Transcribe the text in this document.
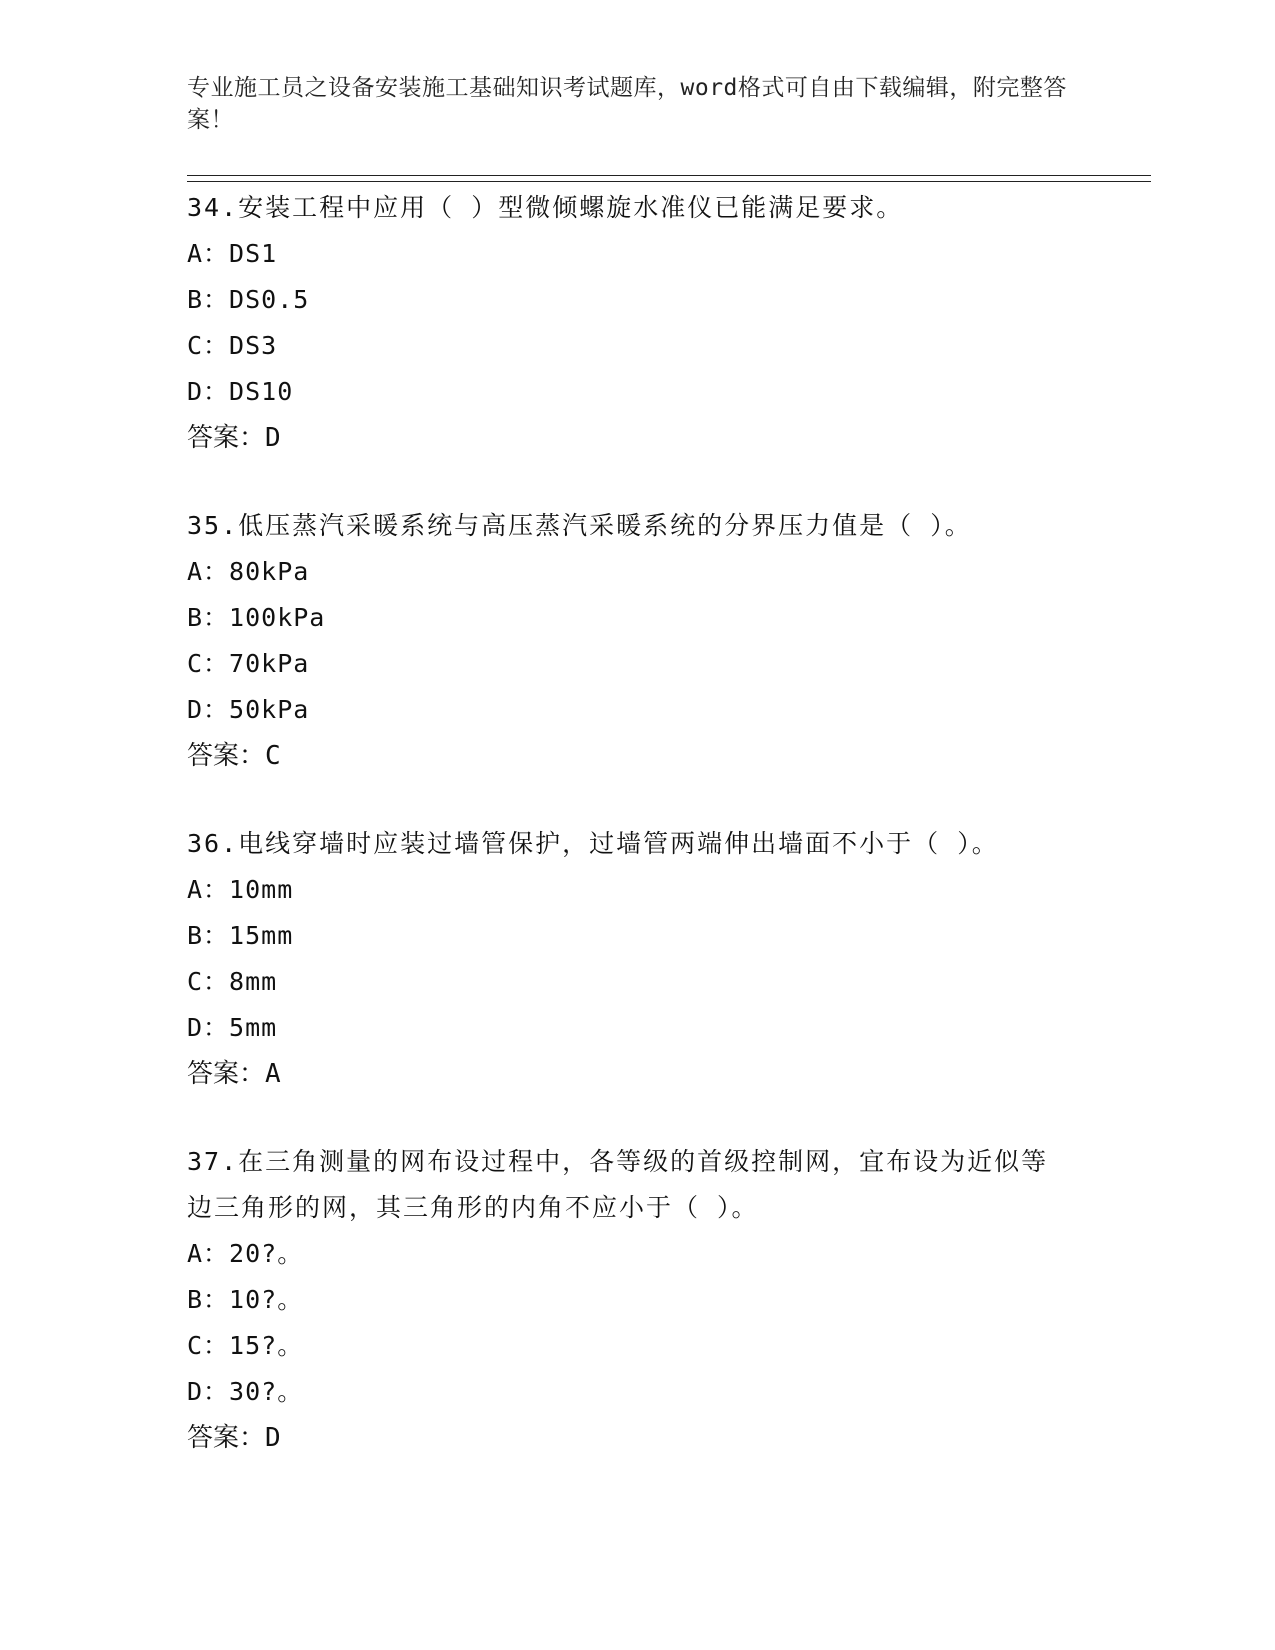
专业施工员之设备安装施工基础知识考试题库，word格式可自由下载编辑，附完整答案！

34.安装工程中应用（ ）型微倾螺旋水准仪已能满足要求。

A：DS1

B：DS0.5

C：DS3

D：DS10

答案：D

35.低压蒸汽采暖系统与高压蒸汽采暖系统的分界压力值是（ ）。

A：80kPa

B：100kPa

C：70kPa

D：50kPa

答案：C

36.电线穿墙时应装过墙管保护，过墙管两端伸出墙面不小于（ ）。

A：10mm

B：15mm

C：8mm

D：5mm

答案：A

37.在三角测量的网布设过程中，各等级的首级控制网，宜布设为近似等边三角形的网，其三角形的内角不应小于（ ）。

A：20?。

B：10?。

C：15?。

D：30?。

答案：D
